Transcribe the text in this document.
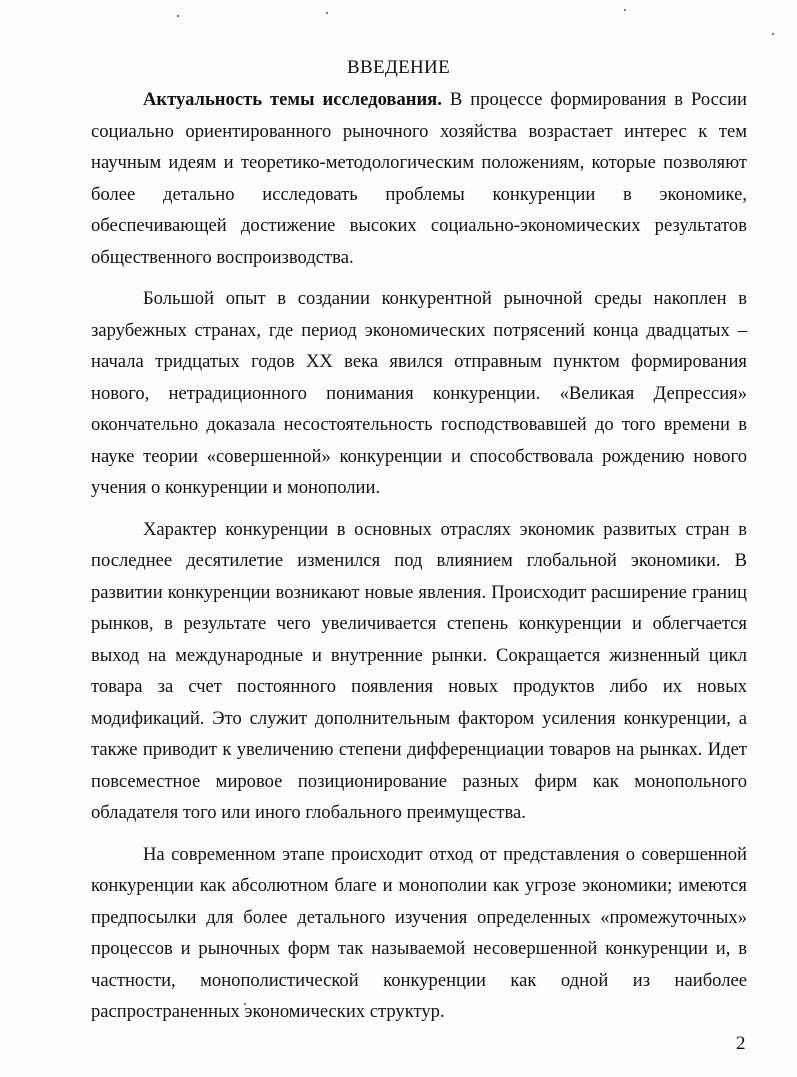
ВВЕДЕНИЕ

Актуальность темы исследования. В процессе формирования в России социально ориентированного рыночного хозяйства возрастает интерес к тем научным идеям и теоретико-методологическим положениям, которые позволяют более детально исследовать проблемы конкуренции в экономике, обеспечивающей достижение высоких социально-экономических результатов общественного воспроизводства.

Большой опыт в создании конкурентной рыночной среды накоплен в зарубежных странах, где период экономических потрясений конца двадцатых – начала тридцатых годов XX века явился отправным пунктом формирования нового, нетрадиционного понимания конкуренции. «Великая Депрессия» окончательно доказала несостоятельность господствовавшей до того времени в науке теории «совершенной» конкуренции и способствовала рождению нового учения о конкуренции и монополии.

Характер конкуренции в основных отраслях экономик развитых стран в последнее десятилетие изменился под влиянием глобальной экономики. В развитии конкуренции возникают новые явления. Происходит расширение границ рынков, в результате чего увеличивается степень конкуренции и облегчается выход на международные и внутренние рынки. Сокращается жизненный цикл товара за счет постоянного появления новых продуктов либо их новых модификаций. Это служит дополнительным фактором усиления конкуренции, а также приводит к увеличению степени дифференциации товаров на рынках. Идет повсеместное мировое позиционирование разных фирм как монопольного обладателя того или иного глобального преимущества.

На современном этапе происходит отход от представления о совершенной конкуренции как абсолютном благе и монополии как угрозе экономики; имеются предпосылки для более детального изучения определенных «промежуточных» процессов и рыночных форм так называемой несовершенной конкуренции и, в частности, монополистической конкуренции как одной из наиболее распространенных экономических структур.

2
